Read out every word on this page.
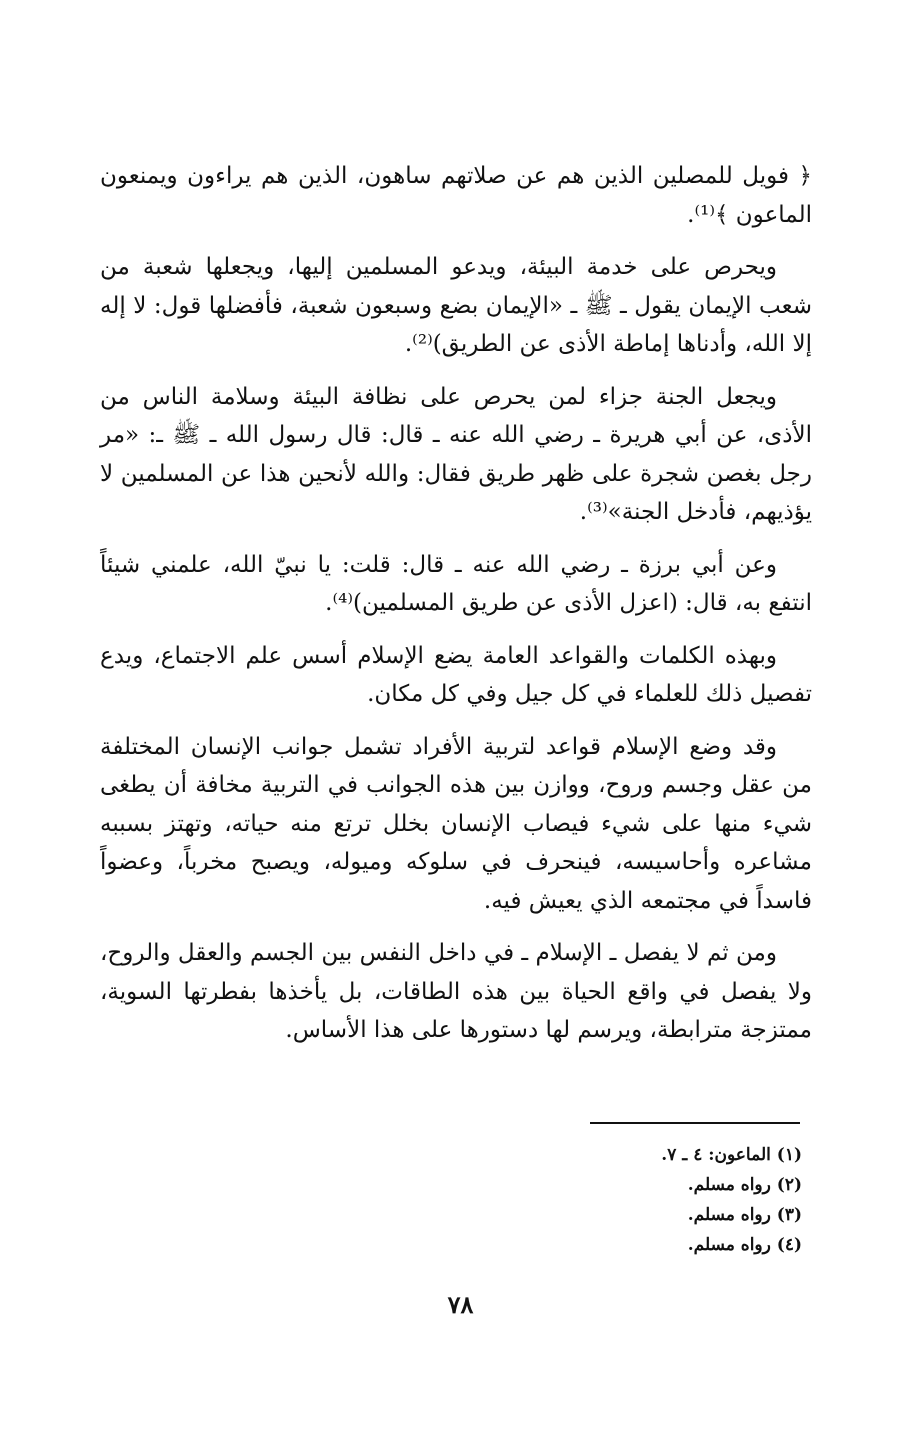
﴿ فويل للمصلين الذين هم عن صلاتهم ساهون، الذين هم يراءون ويمنعون الماعون ﴾⁽¹⁾.

ويحرص على خدمة البيئة، ويدعو المسلمين إليها، ويجعلها شعبة من شعب الإيمان يقول ـ ﷺ ـ «الإيمان بضع وسبعون شعبة، فأفضلها قول: لا إله إلا الله، وأدناها إماطة الأذى عن الطريق)⁽²⁾.

ويجعل الجنة جزاء لمن يحرص على نظافة البيئة وسلامة الناس من الأذى، عن أبي هريرة ـ رضي الله عنه ـ قال: قال رسول الله ـ ﷺ ـ: «مر رجل بغصن شجرة على ظهر طريق فقال: والله لأنحين هذا عن المسلمين لا يؤذيهم، فأدخل الجنة»⁽³⁾.

وعن أبي برزة ـ رضي الله عنه ـ قال: قلت: يا نبيّ الله، علمني شيئاً انتفع به، قال: (اعزل الأذى عن طريق المسلمين)⁽⁴⁾.

وبهذه الكلمات والقواعد العامة يضع الإسلام أسس علم الاجتماع، ويدع تفصيل ذلك للعلماء في كل جيل وفي كل مكان.

وقد وضع الإسلام قواعد لتربية الأفراد تشمل جوانب الإنسان المختلفة من عقل وجسم وروح، ووازن بين هذه الجوانب في التربية مخافة أن يطغى شيء منها على شيء فيصاب الإنسان بخلل ترتع منه حياته، وتهتز بسببه مشاعره وأحاسيسه، فينحرف في سلوكه وميوله، ويصبح مخرباً، وعضواً فاسداً في مجتمعه الذي يعيش فيه.

ومن ثم لا يفصل ـ الإسلام ـ في داخل النفس بين الجسم والعقل والروح، ولا يفصل في واقع الحياة بين هذه الطاقات، بل يأخذها بفطرتها السوية، ممتزجة مترابطة، ويرسم لها دستورها على هذا الأساس.

(١) الماعون: ٤ ـ ٧.

(٢) رواه مسلم.

(٣) رواه مسلم.

(٤) رواه مسلم.

٧٨
